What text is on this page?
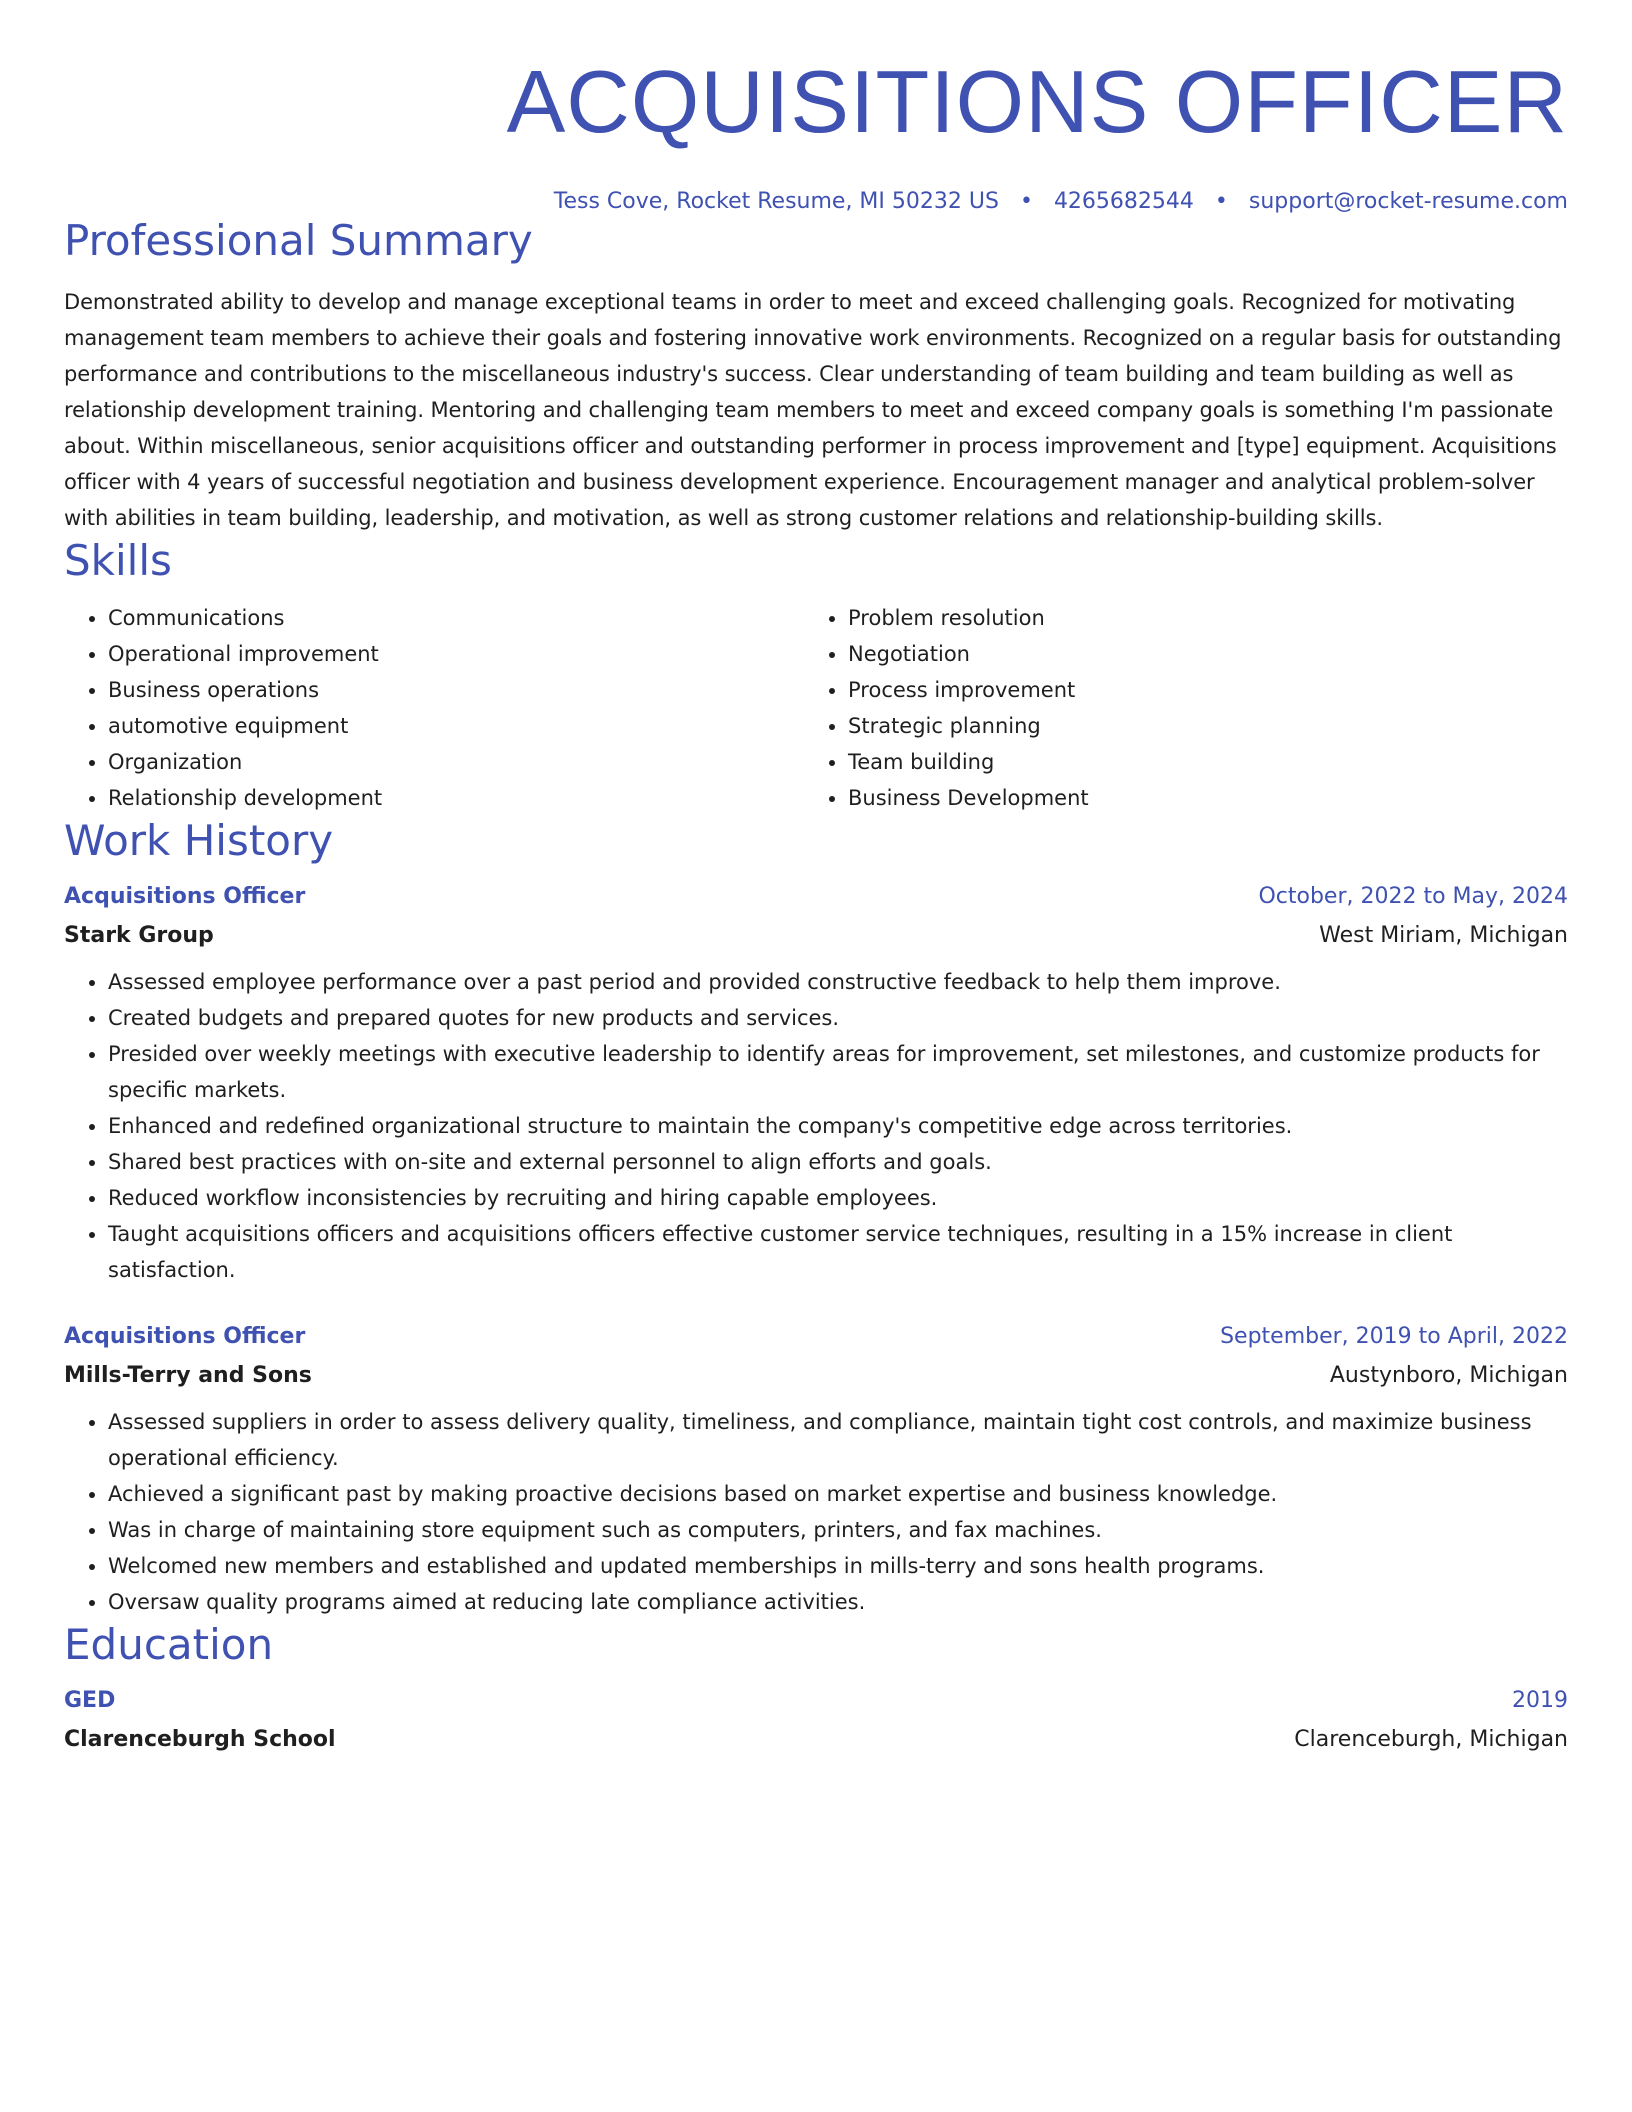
ACQUISITIONS OFFICER
Tess Cove, Rocket Resume, MI 50232 US • 4265682544 • support@rocket-resume.com
Professional Summary
Demonstrated ability to develop and manage exceptional teams in order to meet and exceed challenging goals. Recognized for motivating management team members to achieve their goals and fostering innovative work environments. Recognized on a regular basis for outstanding performance and contributions to the miscellaneous industry's success. Clear understanding of team building and team building as well as relationship development training. Mentoring and challenging team members to meet and exceed company goals is something I'm passionate about. Within miscellaneous, senior acquisitions officer and outstanding performer in process improvement and [type] equipment. Acquisitions officer with 4 years of successful negotiation and business development experience. Encouragement manager and analytical problem-solver with abilities in team building, leadership, and motivation, as well as strong customer relations and relationship-building skills.
Skills
• Communications
• Operational improvement
• Business operations
• automotive equipment
• Organization
• Relationship development
• Problem resolution
• Negotiation
• Process improvement
• Strategic planning
• Team building
• Business Development
Work History
Acquisitions Officer	October, 2022 to May, 2024
Stark Group	West Miriam, Michigan
• Assessed employee performance over a past period and provided constructive feedback to help them improve.
• Created budgets and prepared quotes for new products and services.
• Presided over weekly meetings with executive leadership to identify areas for improvement, set milestones, and customize products for specific markets.
• Enhanced and redefined organizational structure to maintain the company's competitive edge across territories.
• Shared best practices with on-site and external personnel to align efforts and goals.
• Reduced workflow inconsistencies by recruiting and hiring capable employees.
• Taught acquisitions officers and acquisitions officers effective customer service techniques, resulting in a 15% increase in client satisfaction.
Acquisitions Officer	September, 2019 to April, 2022
Mills-Terry and Sons	Austynboro, Michigan
• Assessed suppliers in order to assess delivery quality, timeliness, and compliance, maintain tight cost controls, and maximize business operational efficiency.
• Achieved a significant past by making proactive decisions based on market expertise and business knowledge.
• Was in charge of maintaining store equipment such as computers, printers, and fax machines.
• Welcomed new members and established and updated memberships in mills-terry and sons health programs.
• Oversaw quality programs aimed at reducing late compliance activities.
Education
GED	2019
Clarenceburgh School	Clarenceburgh, Michigan
